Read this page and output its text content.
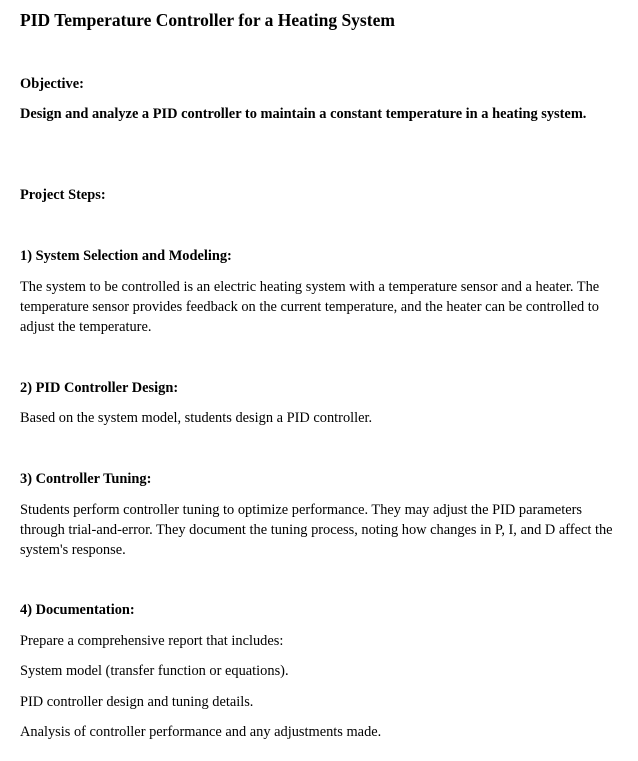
PID Temperature Controller for a Heating System

Objective:

Design and analyze a PID controller to maintain a constant temperature in a heating system.

Project Steps:

1) System Selection and Modeling:

The system to be controlled is an electric heating system with a temperature sensor and a heater. The temperature sensor provides feedback on the current temperature, and the heater can be controlled to adjust the temperature.

2) PID Controller Design:

Based on the system model, students design a PID controller.

3) Controller Tuning:

Students perform controller tuning to optimize performance. They may adjust the PID parameters through trial-and-error. They document the tuning process, noting how changes in P, I, and D affect the system's response.

4) Documentation:

Prepare a comprehensive report that includes:

System model (transfer function or equations).

PID controller design and tuning details.

Analysis of controller performance and any adjustments made.
